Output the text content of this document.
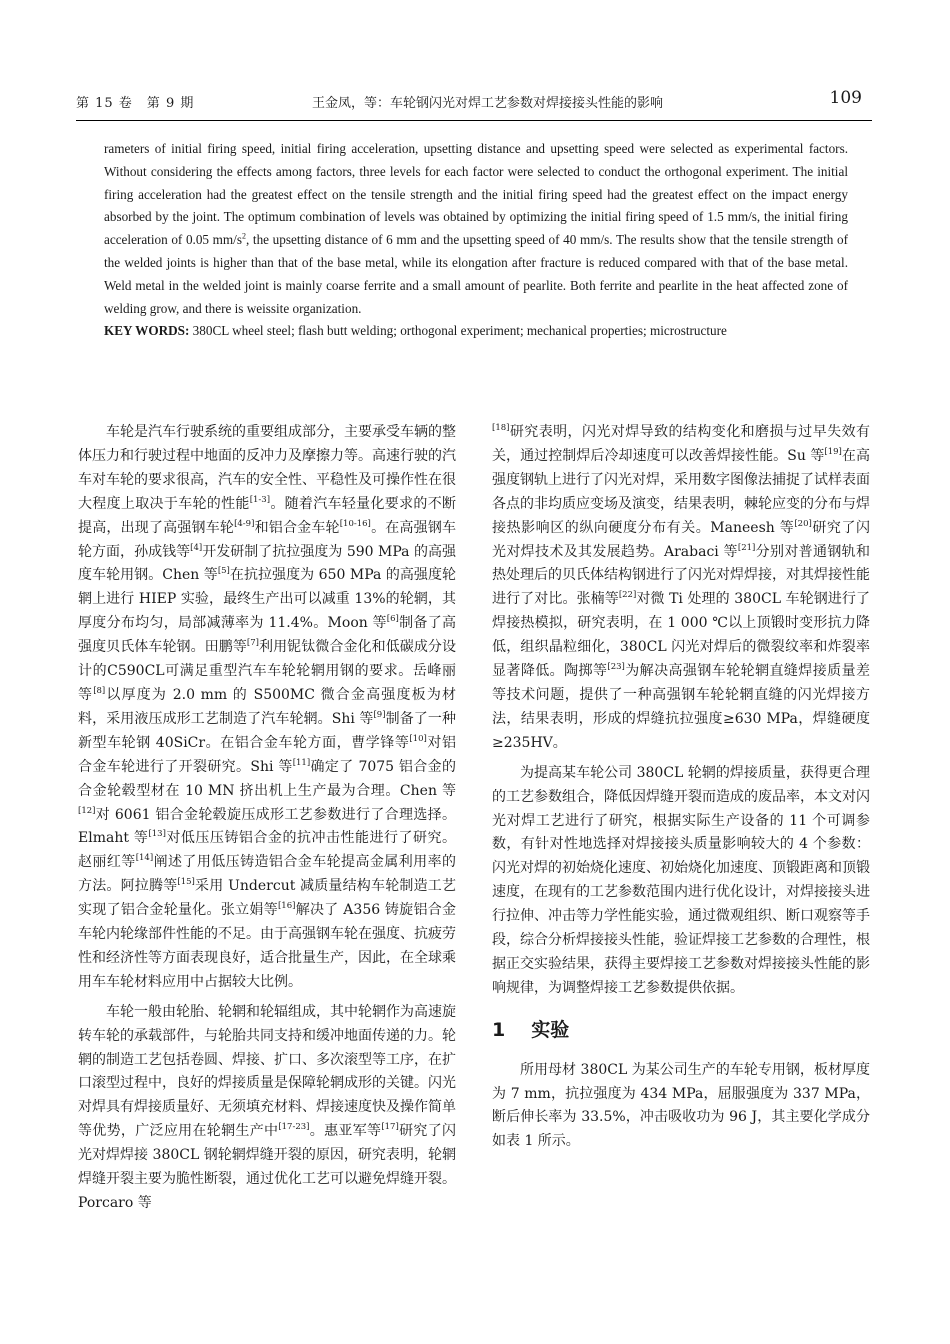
第 15 卷　第 9 期	王金凤，等：车轮钢闪光对焊工艺参数对焊接接头性能的影响	109

rameters of initial firing speed, initial firing acceleration, upsetting distance and upsetting speed were selected as experimental factors. Without considering the effects among factors, three levels for each factor were selected to conduct the orthogonal experiment. The initial firing acceleration had the greatest effect on the tensile strength and the initial firing speed had the greatest effect on the impact energy absorbed by the joint. The optimum combination of levels was obtained by optimizing the initial firing speed of 1.5 mm/s, the initial firing acceleration of 0.05 $mm/s^2$, the upsetting distance of 6 mm and the upsetting speed of 40 mm/s. The results show that the tensile strength of the welded joints is higher than that of the base metal, while its elongation after fracture is reduced compared with that of the base metal. Weld metal in the welded joint is mainly coarse ferrite and a small amount of pearlite. Both ferrite and pearlite in the heat affected zone of welding grow, and there is weissite organization.

KEY WORDS: 380CL wheel steel; flash butt welding; orthogonal experiment; mechanical properties; microstructure

车轮是汽车行驶系统的重要组成部分，主要承受车辆的整体压力和行驶过程中地面的反冲力及摩擦力等。高速行驶的汽车对车轮的要求很高，汽车的安全性、平稳性及可操作性在很大程度上取决于车轮的性能[1-3]。随着汽车轻量化要求的不断提高，出现了高强钢车轮[4-9]和铝合金车轮[10-16]。在高强钢车轮方面，孙成钱等[4]开发研制了抗拉强度为 590 MPa 的高强度车轮用钢。Chen 等[5]在抗拉强度为 650 MPa 的高强度轮辋上进行 HIEP 实验，最终生产出可以减重 13%的轮辋，其厚度分布均匀，局部减薄率为 11.4%。Moon 等[6]制备了高强度贝氏体车轮钢。田鹏等[7]利用铌钛微合金化和低碳成分设计的C590CL可满足重型汽车车轮轮辋用钢的要求。岳峰丽等[8]以厚度为 2.0 mm 的 S500MC 微合金高强度板为材料，采用液压成形工艺制造了汽车轮辋。Shi 等[9]制备了一种新型车轮钢 40SiCr。在铝合金车轮方面，曹学锋等[10]对铝合金车轮进行了开裂研究。Shi 等[11]确定了 7075 铝合金的合金轮毂型材在 10 MN 挤出机上生产最为合理。Chen 等[12]对 6061 铝合金轮毂旋压成形工艺参数进行了合理选择。Elmaht 等[13]对低压压铸铝合金的抗冲击性能进行了研究。赵丽红等[14]阐述了用低压铸造铝合金车轮提高金属利用率的方法。阿拉腾等[15]采用 Undercut 减质量结构车轮制造工艺实现了铝合金轮量化。张立娟等[16]解决了 A356 铸旋铝合金车轮内轮缘部件性能的不足。由于高强钢车轮在强度、抗疲劳性和经济性等方面表现良好，适合批量生产，因此，在全球乘用车车轮材料应用中占据较大比例。

车轮一般由轮胎、轮辋和轮辐组成，其中轮辋作为高速旋转车轮的承载部件，与轮胎共同支持和缓冲地面传递的力。轮辋的制造工艺包括卷圆、焊接、扩口、多次滚型等工序，在扩口滚型过程中，良好的焊接质量是保障轮辋成形的关键。闪光对焊具有焊接质量好、无须填充材料、焊接速度快及操作简单等优势，广泛应用在轮辋生产中[17-23]。惠亚军等[17]研究了闪光对焊焊接 380CL 钢轮辋焊缝开裂的原因，研究表明，轮辋焊缝开裂主要为脆性断裂，通过优化工艺可以避免焊缝开裂。Porcaro 等

[18]研究表明，闪光对焊导致的结构变化和磨损与过早失效有关，通过控制焊后冷却速度可以改善焊接性能。Su 等[19]在高强度钢轨上进行了闪光对焊，采用数字图像法捕捉了试样表面各点的非均质应变场及演变，结果表明，棘轮应变的分布与焊接热影响区的纵向硬度分布有关。Maneesh 等[20]研究了闪光对焊技术及其发展趋势。Arabaci 等[21]分别对普通钢轨和热处理后的贝氏体结构钢进行了闪光对焊焊接，对其焊接性能进行了对比。张楠等[22]对微 Ti 处理的 380CL 车轮钢进行了焊接热模拟，研究表明，在 1 000 ℃以上顶锻时变形抗力降低，组织晶粒细化，380CL 闪光对焊后的微裂纹率和炸裂率显著降低。陶掷等[23]为解决高强钢车轮轮辋直缝焊接质量差等技术问题，提供了一种高强钢车轮轮辋直缝的闪光焊接方法，结果表明，形成的焊缝抗拉强度≥630 MPa，焊缝硬度≥235HV。

为提高某车轮公司 380CL 轮辋的焊接质量，获得更合理的工艺参数组合，降低因焊缝开裂而造成的废品率，本文对闪光对焊工艺进行了研究，根据实际生产设备的 11 个可调参数，有针对性地选择对焊接接头质量影响较大的 4 个参数：闪光对焊的初始烧化速度、初始烧化加速度、顶锻距离和顶锻速度，在现有的工艺参数范围内进行优化设计，对焊接接头进行拉伸、冲击等力学性能实验，通过微观组织、断口观察等手段，综合分析焊接接头性能，验证焊接工艺参数的合理性，根据正交实验结果，获得主要焊接工艺参数对焊接接头性能的影响规律，为调整焊接工艺参数提供依据。

1 实验

所用母材 380CL 为某公司生产的车轮专用钢，板材厚度为 7 mm，抗拉强度为 434 MPa，屈服强度为 337 MPa，断后伸长率为 33.5%，冲击吸收功为 96 J，其主要化学成分如表 1 所示。
